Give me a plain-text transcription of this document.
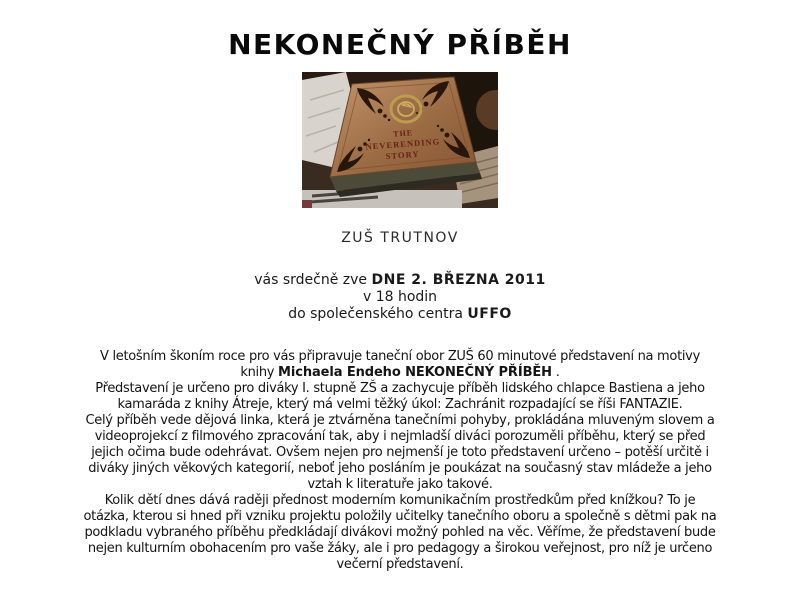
NEKONEČNÝ PŘÍBĚH
THE
NEVERENDING
STORY
ZUŠ TRUTNOV
vás srdečně zve DNE 2. BŘEZNA 2011
v 18 hodin
do společenského centra UFFO
V letošním škoním roce pro vás připravuje taneční obor ZUŠ 60 minutové představení na motivy
knihy Michaela Endeho NEKONEČNÝ PŘÍBĚH .
Představení je určeno pro diváky I. stupně ZŠ a zachycuje příběh lidského chlapce Bastiena a jeho
kamaráda z knihy Átreje, který má velmi těžký úkol: Zachránit rozpadající se říši FANTAZIE.
Celý příběh vede dějová linka, která je ztvárněna tanečními pohyby, prokládána mluveným slovem a
videoprojekcí z filmového zpracování tak, aby i nejmladší diváci porozuměli příběhu, který se před
jejich očima bude odehrávat. Ovšem nejen pro nejmenší je toto představení určeno – potěší určitě i
diváky jiných věkových kategorií, neboť jeho posláním je poukázat na současný stav mládeže a jeho
vztah k literatuře jako takové.
Kolik dětí dnes dává raději přednost moderním komunikačním prostředkům před knížkou? To je
otázka, kterou si hned při vzniku projektu položily učitelky tanečního oboru a společně s dětmi pak na
podkladu vybraného příběhu předkládají divákovi možný pohled na věc. Věříme, že představení bude
nejen kulturním obohacením pro vaše žáky, ale i pro pedagogy a širokou veřejnost, pro níž je určeno
večerní představení.
